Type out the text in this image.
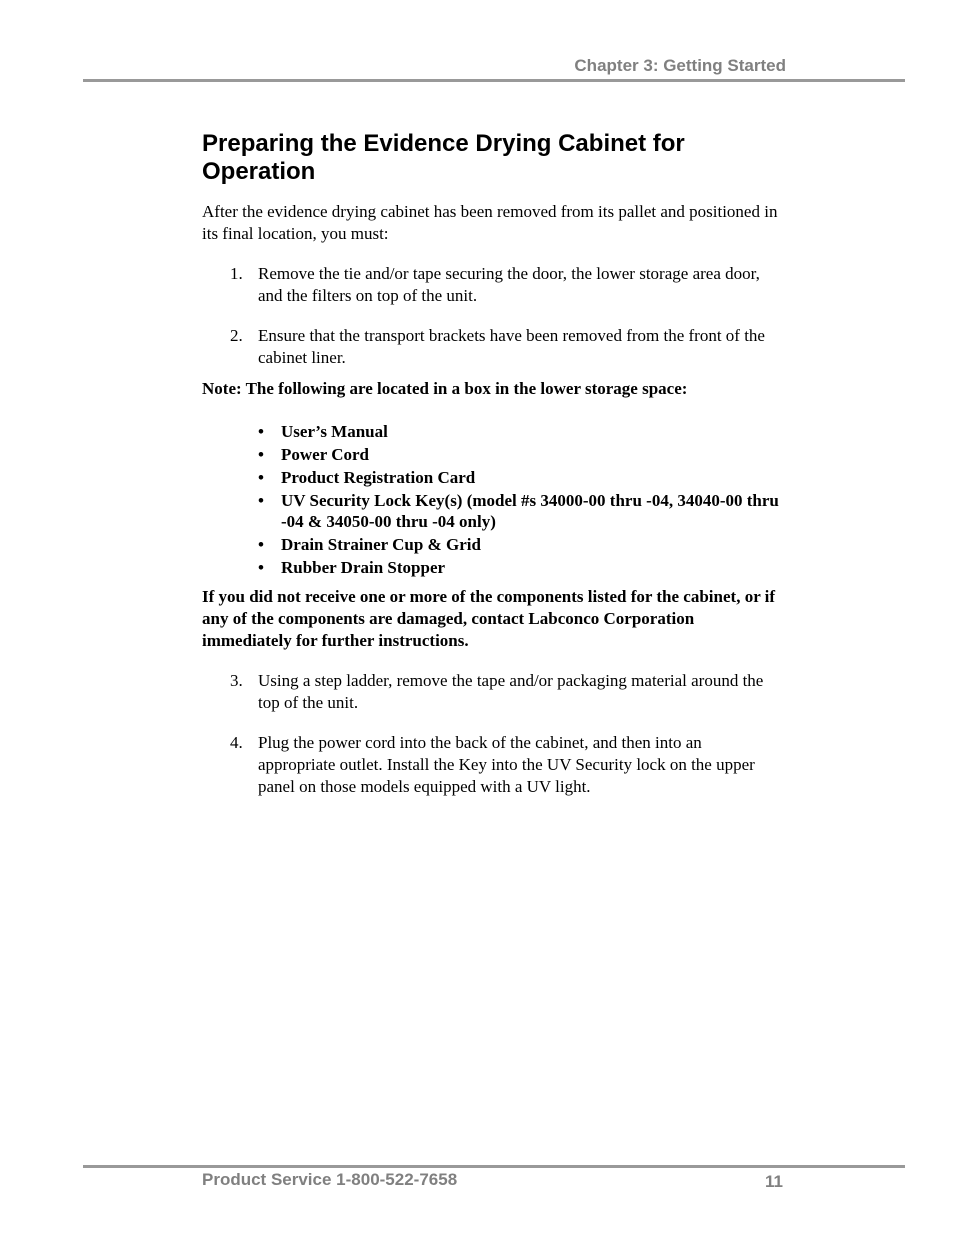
Chapter 3: Getting Started
Preparing the Evidence Drying Cabinet for Operation

After the evidence drying cabinet has been removed from its pallet and positioned in its final location, you must:

1. Remove the tie and/or tape securing the door, the lower storage area door, and the filters on top of the unit.
2. Ensure that the transport brackets have been removed from the front of the cabinet liner.

Note: The following are located in a box in the lower storage space:

• User’s Manual
• Power Cord
• Product Registration Card
• UV Security Lock Key(s) (model #s 34000-00 thru -04, 34040-00 thru -04 & 34050-00 thru -04 only)
• Drain Strainer Cup & Grid
• Rubber Drain Stopper

If you did not receive one or more of the components listed for the cabinet, or if any of the components are damaged, contact Labconco Corporation immediately for further instructions.

3. Using a step ladder, remove the tape and/or packaging material around the top of the unit.
4. Plug the power cord into the back of the cabinet, and then into an appropriate outlet. Install the Key into the UV Security lock on the upper panel on those models equipped with a UV light.
Product Service 1-800-522-7658	11
